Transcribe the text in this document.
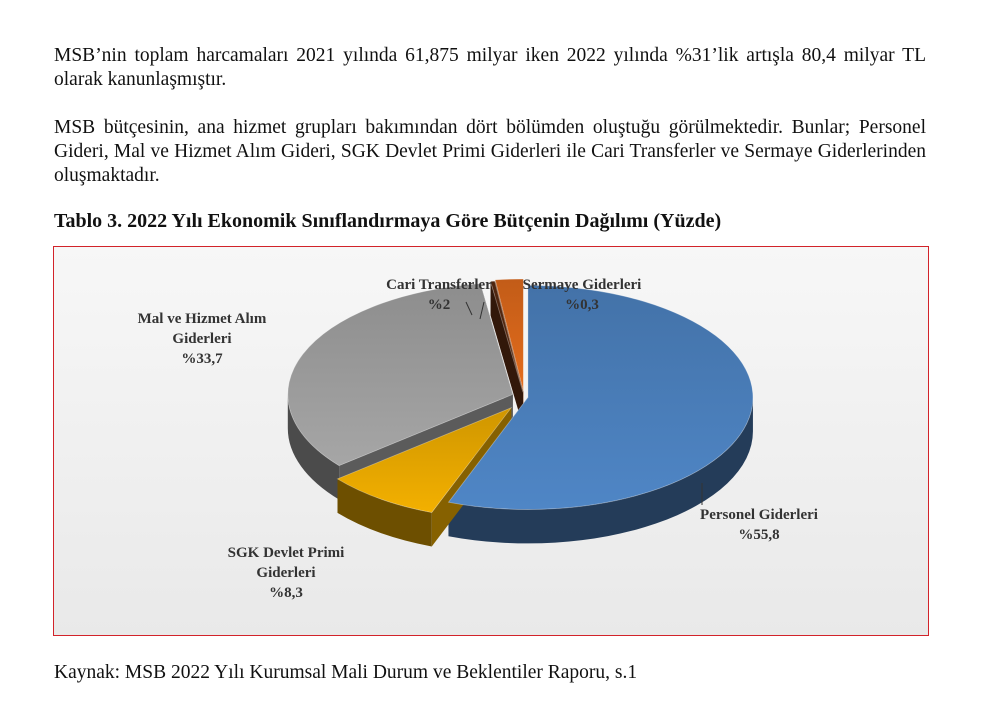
MSB’nin toplam harcamaları 2021 yılında 61,875 milyar iken 2022 yılında %31’lik artışla 80,4 milyar TL olarak kanunlaşmıştır.

MSB bütçesinin, ana hizmet grupları bakımından dört bölümden oluştuğu görülmektedir. Bunlar; Personel Gideri, Mal ve Hizmet Alım Gideri, SGK Devlet Primi Giderleri ile Cari Transferler ve Sermaye Giderlerinden oluşmaktadır.

Tablo 3. 2022 Yılı Ekonomik Sınıflandırmaya Göre Bütçenin Dağılımı (Yüzde)

Personel Giderleri
%55,8
SGK Devlet Primi
Giderleri
%8,3
Mal ve Hizmet Alım
Giderleri
%33,7
Sermaye Giderleri
%0,3
Cari Transferler
%2

Kaynak: MSB 2022 Yılı Kurumsal Mali Durum ve Beklentiler Raporu, s.1
